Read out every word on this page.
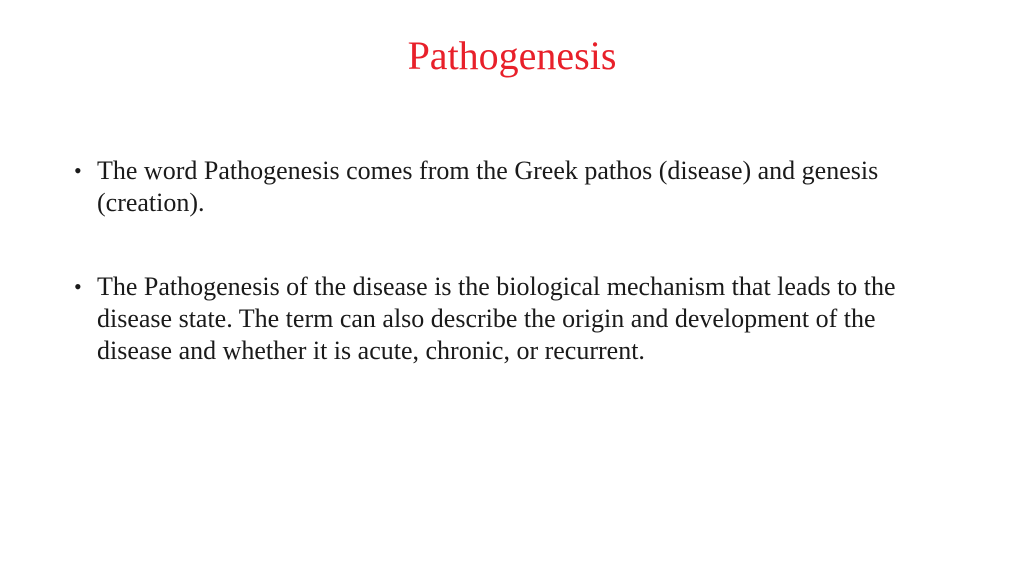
Pathogenesis
• The word Pathogenesis comes from the Greek pathos (disease) and genesis (creation).
• The Pathogenesis of the disease is the biological mechanism that leads to the disease state. The term can also describe the origin and development of the disease and whether it is acute, chronic, or recurrent.
